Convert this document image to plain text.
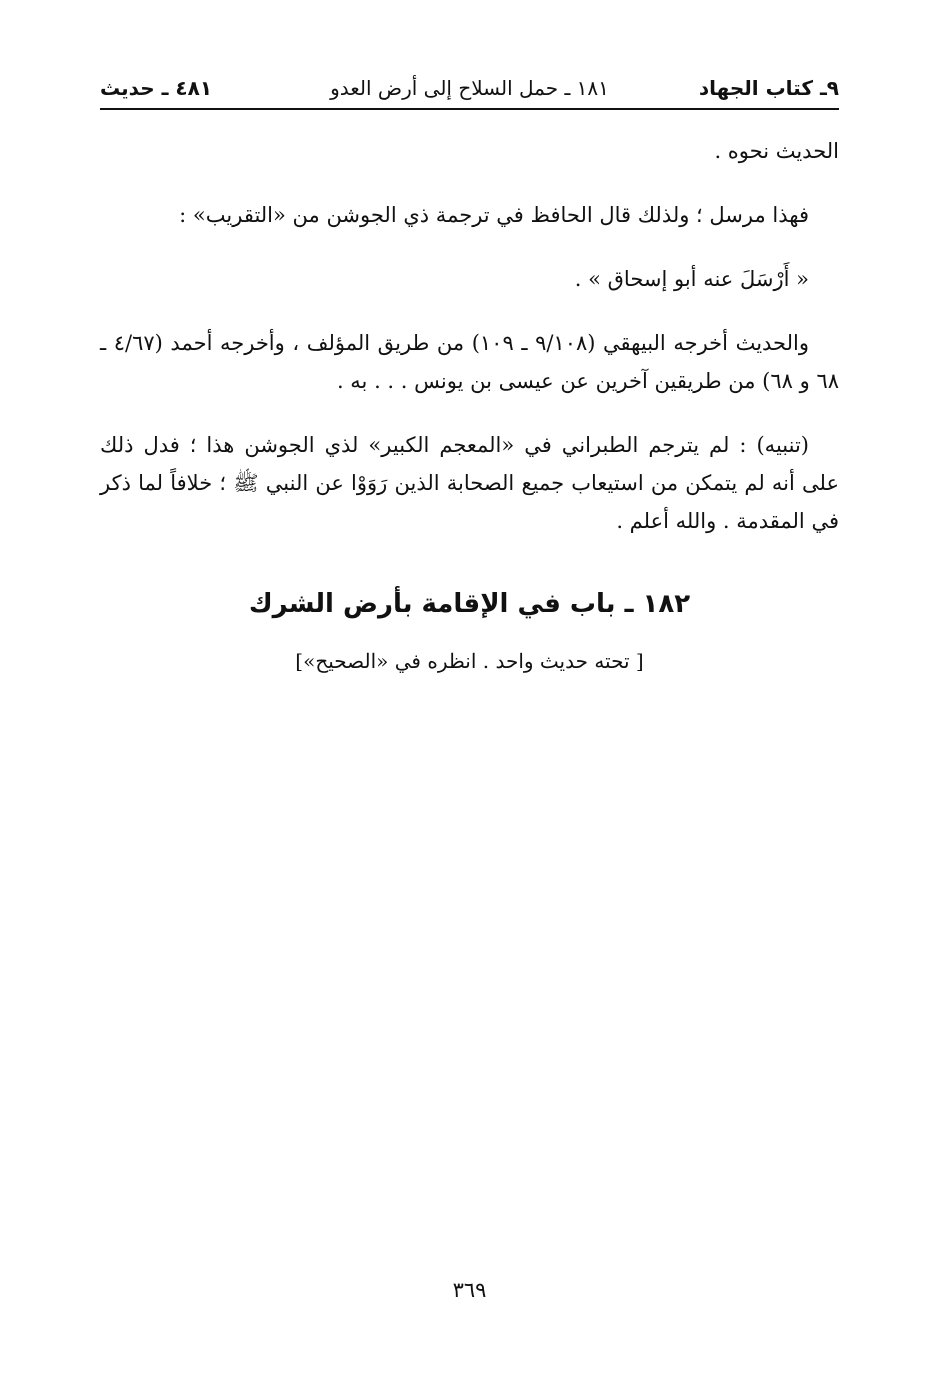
٩ـ كتاب الجهاد
١٨١ ـ حمل السلاح إلى أرض العدو
٤٨١ ـ حديث

الحديث نحوه .

فهذا مرسل ؛ ولذلك قال الحافظ في ترجمة ذي الجوشن من «التقريب» :

« أَرْسَلَ عنه أبو إسحاق » .

والحديث أخرجه البيهقي (٩/١٠٨ ـ ١٠٩) من طريق المؤلف ، وأخرجه أحمد (٤/٦٧ ـ ٦٨ و ٦٨) من طريقين آخرين عن عيسى بن يونس . . . به .

(تنبيه) : لم يترجم الطبراني في «المعجم الكبير» لذي الجوشن هذا ؛ فدل ذلك على أنه لم يتمكن من استيعاب جميع الصحابة الذين رَوَوْا عن النبي ﷺ ؛ خلافاً لما ذكر في المقدمة . والله أعلم .

١٨٢ ـ باب في الإقامة بأرض الشرك
[ تحته حديث واحد . انظره في «الصحيح»]
٣٦٩
